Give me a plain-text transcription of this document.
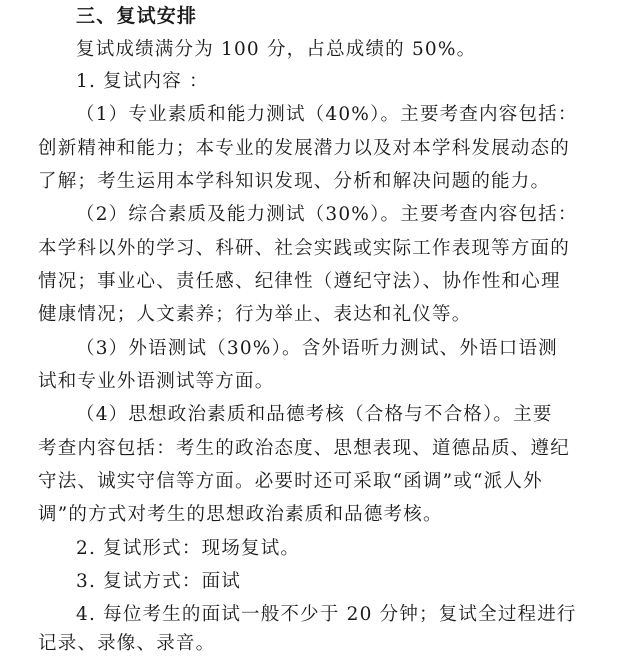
三、复试安排
复试成绩满分为 100 分，占总成绩的 50%。
1. 复试内容 ：
（1）专业素质和能力测试（40%）。主要考查内容包括：
创新精神和能力；本专业的发展潜力以及对本学科发展动态的
了解；考生运用本学科知识发现、分析和解决问题的能力。
（2）综合素质及能力测试（30%）。主要考查内容包括：
本学科以外的学习、科研、社会实践或实际工作表现等方面的
情况；事业心、责任感、纪律性（遵纪守法）、协作性和心理
健康情况；人文素养；行为举止、表达和礼仪等。
（3）外语测试（30%）。含外语听力测试、外语口语测
试和专业外语测试等方面。
（4）思想政治素质和品德考核（合格与不合格）。主要
考查内容包括：考生的政治态度、思想表现、道德品质、遵纪
守法、诚实守信等方面。必要时还可采取“函调”或“派人外
调”的方式对考生的思想政治素质和品德考核。
2. 复试形式：现场复试。
3. 复试方式：面试
4. 每位考生的面试一般不少于 20 分钟；复试全过程进行
记录、录像、录音。
